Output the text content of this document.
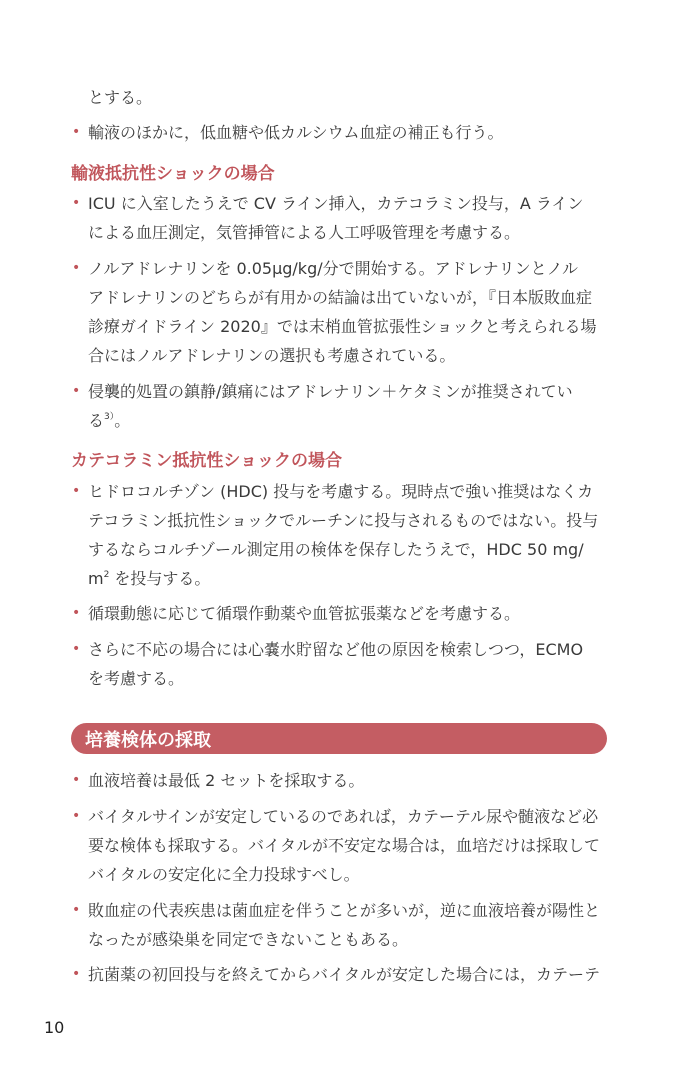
とする。
• 輸液のほかに，低血糖や低カルシウム血症の補正も行う。
輸液抵抗性ショックの場合
• ICU に入室したうえで CV ライン挿入，カテコラミン投与，A ライン
による血圧測定，気管挿管による人工呼吸管理を考慮する。
• ノルアドレナリンを 0.05μg/kg/分で開始する。アドレナリンとノル
アドレナリンのどちらが有用かの結論は出ていないが，『日本版敗血症
診療ガイドライン 2020』では末梢血管拡張性ショックと考えられる場
合にはノルアドレナリンの選択も考慮されている。
• 侵襲的処置の鎮静/鎮痛にはアドレナリン＋ケタミンが推奨されてい
る$^{3)}$。
カテコラミン抵抗性ショックの場合
• ヒドロコルチゾン (HDC) 投与を考慮する。現時点で強い推奨はなくカ
テコラミン抵抗性ショックでルーチンに投与されるものではない。投与
するならコルチゾール測定用の検体を保存したうえで，HDC 50 mg/
$m^2$ を投与する。
• 循環動態に応じて循環作動薬や血管拡張薬などを考慮する。
• さらに不応の場合には心嚢水貯留など他の原因を検索しつつ，ECMO
を考慮する。
培養検体の採取
• 血液培養は最低 2 セットを採取する。
• バイタルサインが安定しているのであれば，カテーテル尿や髄液など必
要な検体も採取する。バイタルが不安定な場合は，血培だけは採取して
バイタルの安定化に全力投球すべし。
• 敗血症の代表疾患は菌血症を伴うことが多いが，逆に血液培養が陽性と
なったが感染巣を同定できないこともある。
• 抗菌薬の初回投与を終えてからバイタルが安定した場合には，カテーテ
10
